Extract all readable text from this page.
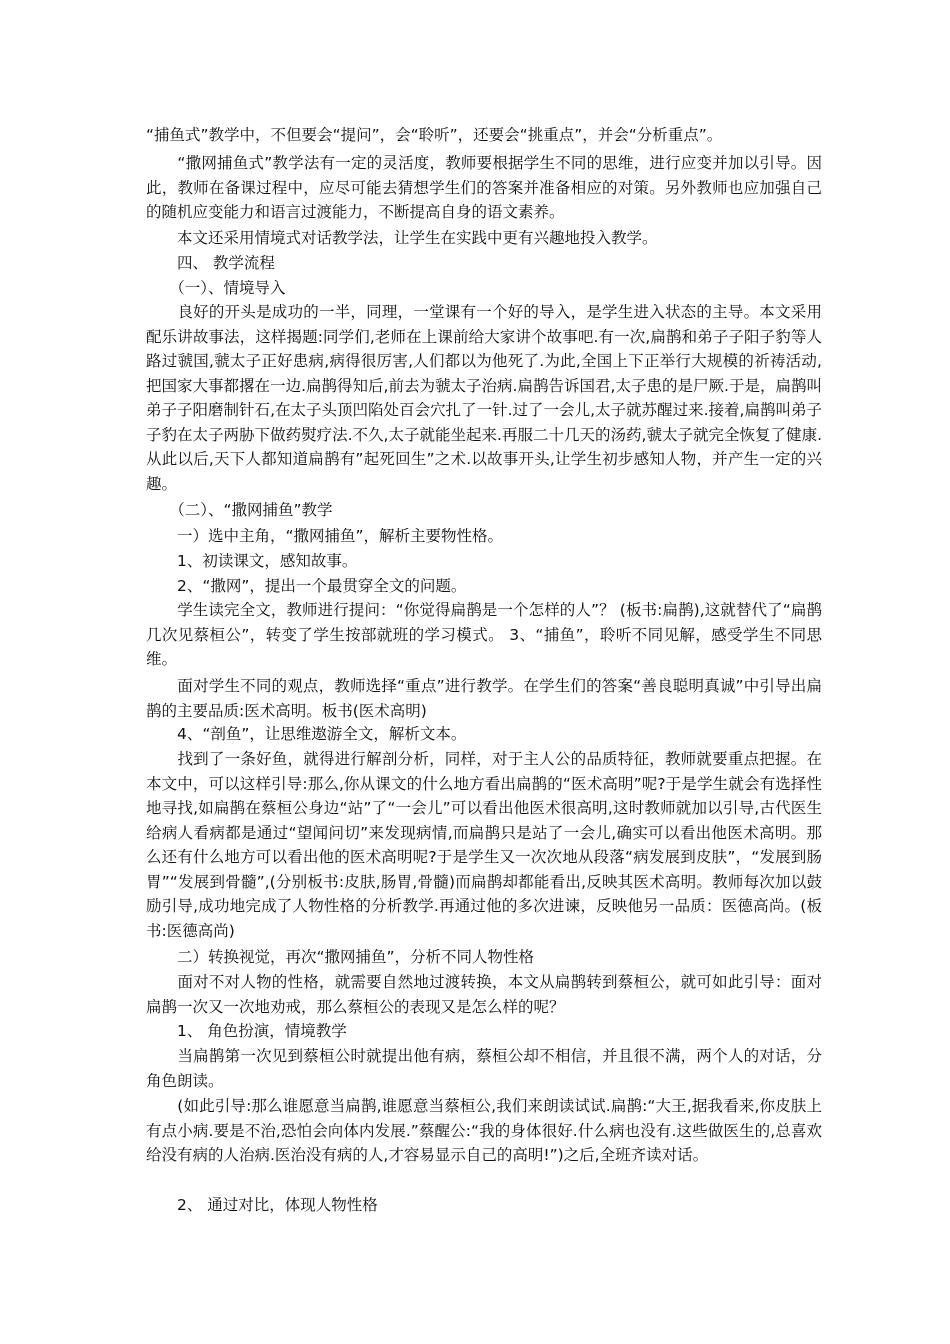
“捕鱼式”教学中，不但要会“提问”，会“聆听”，还要会“挑重点”，并会“分析重点”。

　　“撒网捕鱼式”教学法有一定的灵活度，教师要根据学生不同的思维，进行应变并加以引导。因此，教师在备课过程中，应尽可能去猜想学生们的答案并准备相应的对策。另外教师也应加强自己的随机应变能力和语言过渡能力，不断提高自身的语文素养。

　　本文还采用情境式对话教学法，让学生在实践中更有兴趣地投入教学。

　　四、 教学流程

　　（一）、情境导入

　　良好的开头是成功的一半，同理，一堂课有一个好的导入，是学生进入状态的主导。本文采用配乐讲故事法，这样揭题:同学们,老师在上课前给大家讲个故事吧.有一次,扁鹊和弟子子阳子豹等人路过虢国,虢太子正好患病,病得很厉害,人们都以为他死了.为此,全国上下正举行大规模的祈祷活动,把国家大事都撂在一边.扁鹊得知后,前去为虢太子治病.扁鹊告诉国君,太子患的是尸厥.于是，扁鹊叫弟子子阳磨制针石,在太子头顶凹陷处百会穴扎了一针.过了一会儿,太子就苏醒过来.接着,扁鹊叫弟子子豹在太子两胁下做药熨疗法.不久,太子就能坐起来.再服二十几天的汤药,虢太子就完全恢复了健康.从此以后,天下人都知道扁鹊有”起死回生”之术.以故事开头,让学生初步感知人物，并产生一定的兴趣。

　　（二）、“撒网捕鱼”教学

　　一）选中主角，“撒网捕鱼”，解析主要物性格。

　　1、初读课文，感知故事。

　　2、“撒网”，提出一个最贯穿全文的问题。

　　学生读完全文，教师进行提问：“你觉得扁鹊是一个怎样的人”？ (板书:扁鹊),这就替代了“扁鹊几次见蔡桓公”，转变了学生按部就班的学习模式。 3、“捕鱼”，聆听不同见解，感受学生不同思维。

　　面对学生不同的观点，教师选择“重点”进行教学。在学生们的答案“善良聪明真诚”中引导出扁鹊的主要品质:医术高明。板书(医术高明)

　　4、“剖鱼”，让思维遨游全文，解析文本。

　　找到了一条好鱼，就得进行解剖分析，同样，对于主人公的品质特征，教师就要重点把握。在本文中，可以这样引导:那么,你从课文的什么地方看出扁鹊的“医术高明”呢?于是学生就会有选择性地寻找,如扁鹊在蔡桓公身边“站”了“一会儿”可以看出他医术很高明,这时教师就加以引导,古代医生给病人看病都是通过“望闻问切”来发现病情,而扁鹊只是站了一会儿,确实可以看出他医术高明。那么还有什么地方可以看出他的医术高明呢?于是学生又一次次地从段落“病发展到皮肤”，“发展到肠胃”“发展到骨髓”,(分别板书:皮肤,肠胃,骨髓)而扁鹊却都能看出,反映其医术高明。教师每次加以鼓励引导,成功地完成了人物性格的分析教学.再通过他的多次进谏，反映他另一品质：医德高尚。(板书:医德高尚)

　　二）转换视觉，再次“撒网捕鱼”，分析不同人物性格

　　面对不对人物的性格，就需要自然地过渡转换，本文从扁鹊转到蔡桓公，就可如此引导：面对扁鹊一次又一次地劝戒，那么蔡桓公的表现又是怎么样的呢？

　　1、 角色扮演，情境教学

　　当扁鹊第一次见到蔡桓公时就提出他有病，蔡桓公却不相信，并且很不满，两个人的对话，分角色朗读。

　　(如此引导:那么谁愿意当扁鹊,谁愿意当蔡桓公,我们来朗读试试.扁鹊:“大王,据我看来,你皮肤上有点小病.要是不治,恐怕会向体内发展.”蔡醒公:“我的身体很好.什么病也没有.这些做医生的,总喜欢给没有病的人治病.医治没有病的人,才容易显示自己的高明!”)之后,全班齐读对话。

　　2、 通过对比，体现人物性格
